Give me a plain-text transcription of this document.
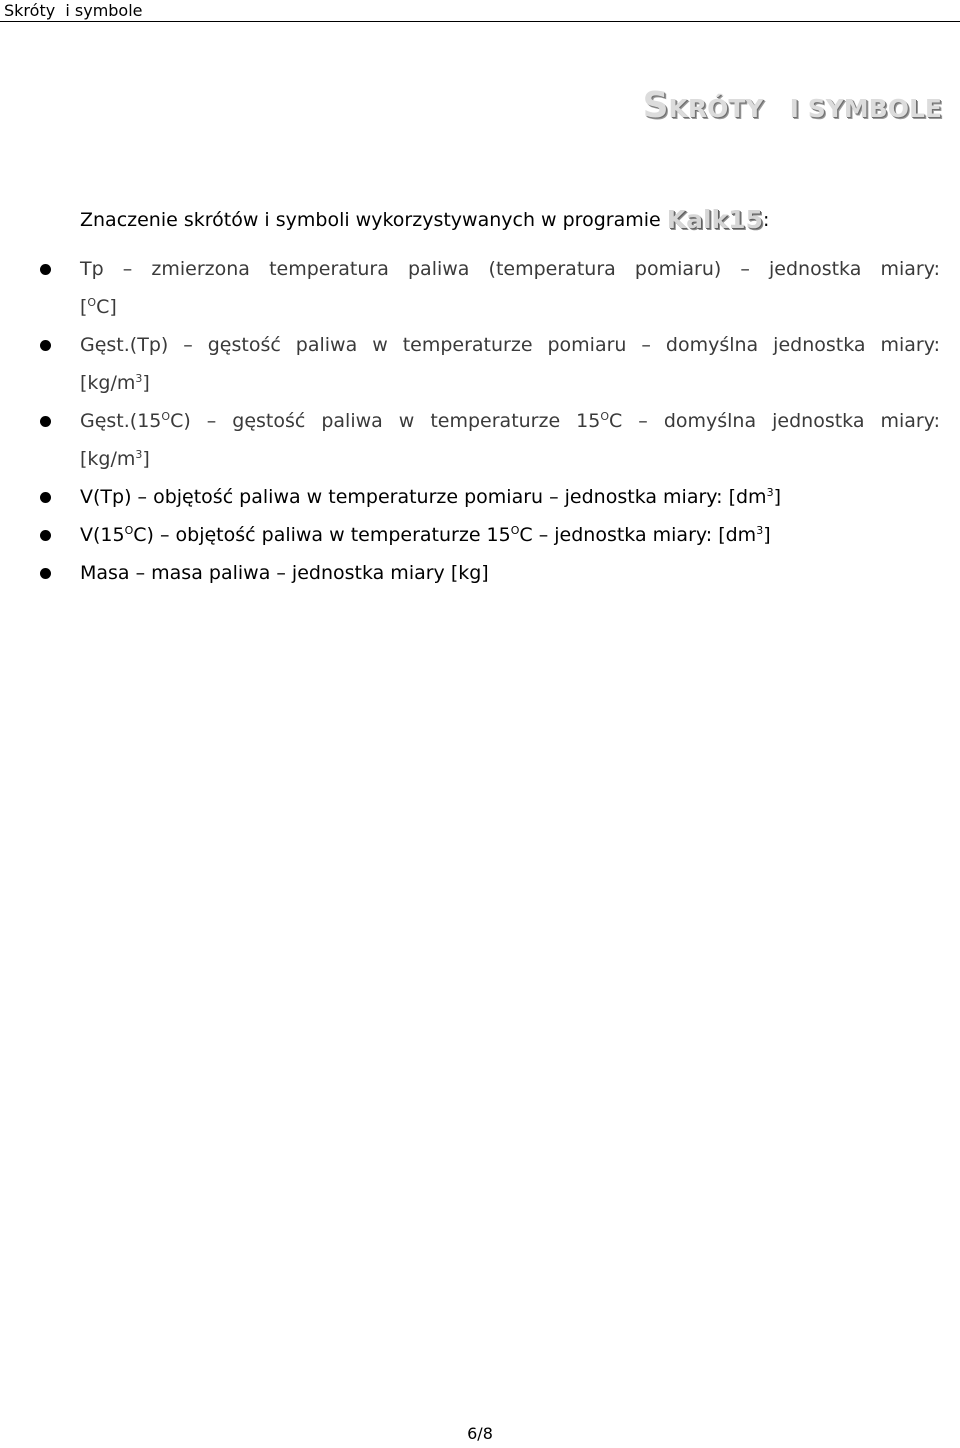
Skróty  i symbole
SKRÓTY I SYMBOLE
Znaczenie skrótów i symboli wykorzystywanych w programie Kalk15:
Tp – zmierzona temperatura paliwa (temperatura pomiaru) – jednostka miary:
[$^O$C]
Gęst.(Tp) – gęstość paliwa w temperaturze pomiaru – domyślna jednostka miary:
$[kg/m^3]$
$Gęst.(15^OC)$ – gęstość paliwa w temperaturze $15^OC$ – domyślna jednostka miary:
$[kg/m^3]$
V(Tp) – objętość paliwa w temperaturze pomiaru – jednostka miary: $[dm^3]$
$V(15^OC)$ – objętość paliwa w temperaturze $15^OC$ – jednostka miary: $[dm^3]$
Masa – masa paliwa – jednostka miary [kg]
6/8
